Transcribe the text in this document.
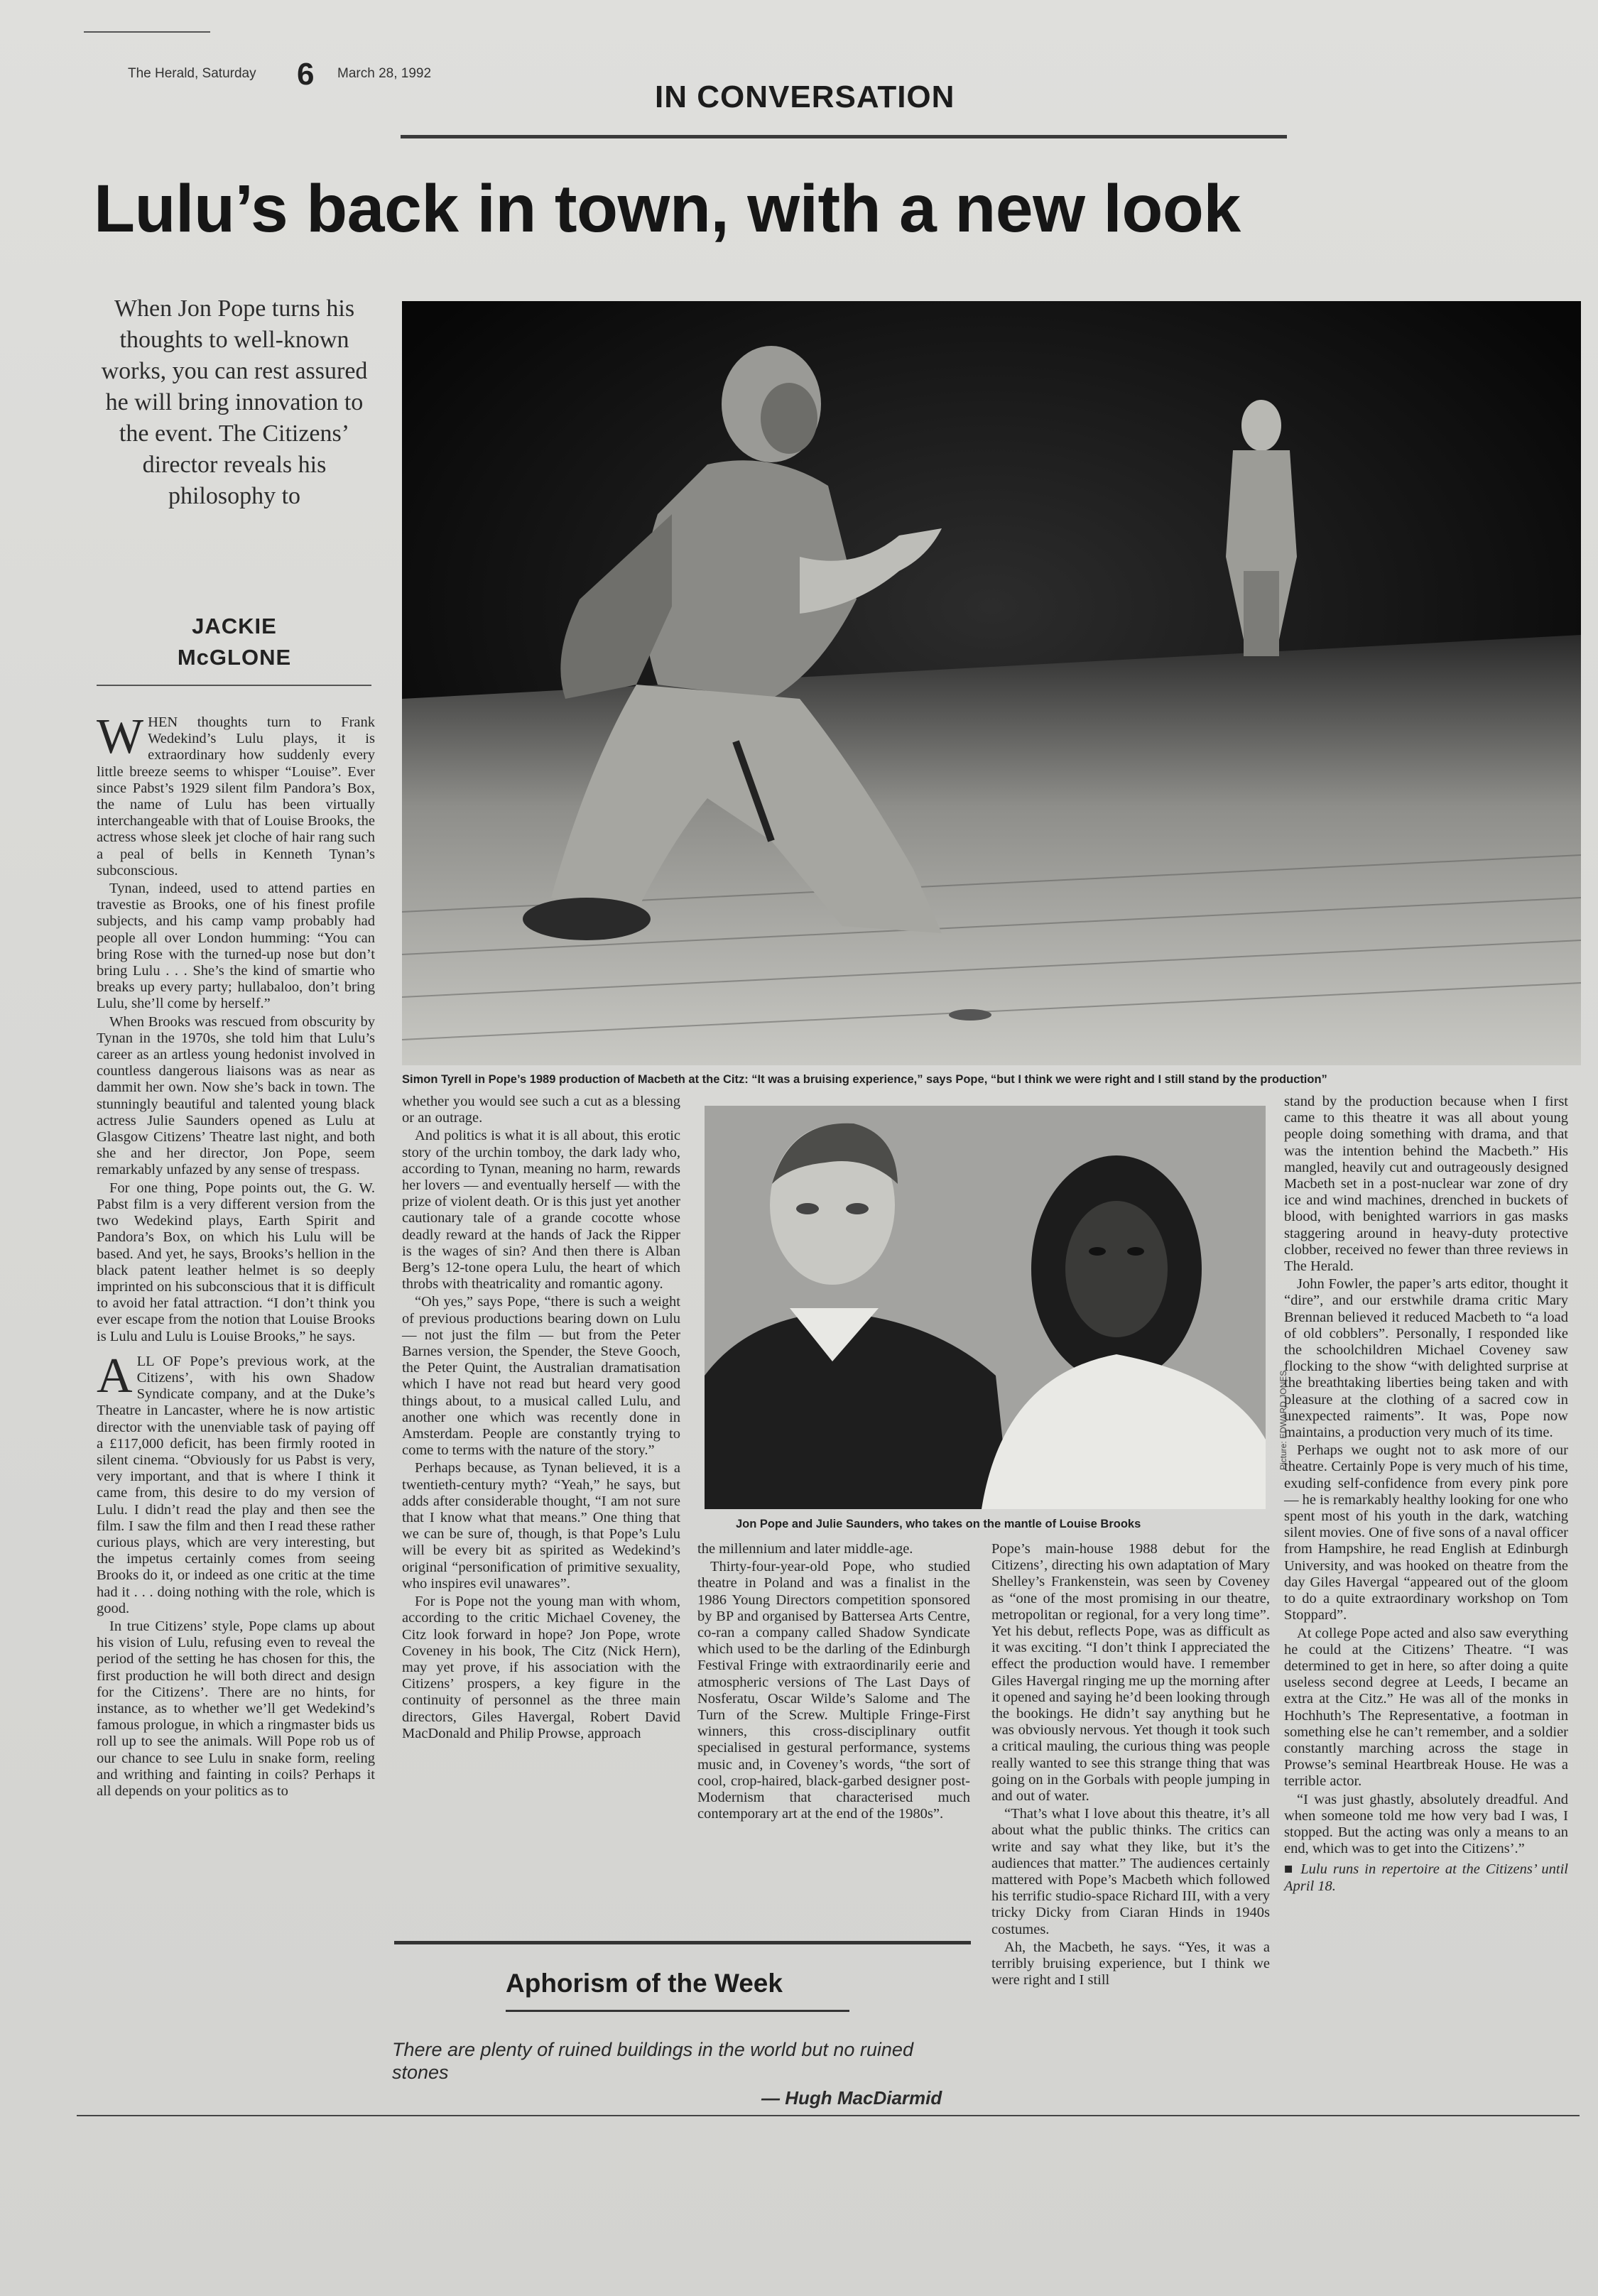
The Herald, Saturday 6 March 28, 1992
IN CONVERSATION
Lulu’s back in town, with a new look
When Jon Pope turns his thoughts to well-known works, you can rest assured he will bring innovation to the event. The Citizens’ director reveals his philosophy to
JACKIE
McGLONE
Simon Tyrell in Pope’s 1989 production of Macbeth at the Citz: “It was a bruising experience,” says Pope, “but I think we were right and I still stand by the production”
Jon Pope and Julie Saunders, who takes on the mantle of Louise Brooks
Picture: EDWARD JONES

WHEN thoughts turn to Frank Wedekind’s Lulu plays, it is extraordinary how suddenly every little breeze seems to whisper “Louise”. Ever since Pabst’s 1929 silent film Pandora’s Box, the name of Lulu has been virtually interchangeable with that of Louise Brooks, the actress whose sleek jet cloche of hair rang such a peal of bells in Kenneth Tynan’s subconscious.

Tynan, indeed, used to attend parties en travestie as Brooks, one of his finest profile subjects, and his camp vamp probably had people all over London humming: “You can bring Rose with the turned-up nose but don’t bring Lulu . . . She’s the kind of smartie who breaks up every party; hullabaloo, don’t bring Lulu, she’ll come by herself.”

When Brooks was rescued from obscurity by Tynan in the 1970s, she told him that Lulu’s career as an artless young hedonist involved in countless dangerous liaisons was as near as dammit her own. Now she’s back in town. The stunningly beautiful and talented young black actress Julie Saunders opened as Lulu at Glasgow Citizens’ Theatre last night, and both she and her director, Jon Pope, seem remarkably unfazed by any sense of trespass.

For one thing, Pope points out, the G. W. Pabst film is a very different version from the two Wedekind plays, Earth Spirit and Pandora’s Box, on which his Lulu will be based. And yet, he says, Brooks’s hellion in the black patent leather helmet is so deeply imprinted on his subconscious that it is difficult to avoid her fatal attraction. “I don’t think you ever escape from the notion that Louise Brooks is Lulu and Lulu is Louise Brooks,” he says.

ALL OF Pope’s previous work, at the Citizens’, with his own Shadow Syndicate company, and at the Duke’s Theatre in Lancaster, where he is now artistic director with the unenviable task of paying off a £117,000 deficit, has been firmly rooted in silent cinema. “Obviously for us Pabst is very, very important, and that is where I think it came from, this desire to do my version of Lulu. I didn’t read the play and then see the film. I saw the film and then I read these rather curious plays, which are very interesting, but the impetus certainly comes from seeing Brooks do it, or indeed as one critic at the time had it . . . doing nothing with the role, which is good.

In true Citizens’ style, Pope clams up about his vision of Lulu, refusing even to reveal the period of the setting he has chosen for this, the first production he will both direct and design for the Citizens’. There are no hints, for instance, as to whether we’ll get Wedekind’s famous prologue, in which a ringmaster bids us roll up to see the animals. Will Pope rob us of our chance to see Lulu in snake form, reeling and writhing and fainting in coils? Perhaps it all depends on your politics as to

whether you would see such a cut as a blessing or an outrage.

And politics is what it is all about, this erotic story of the urchin tomboy, the dark lady who, according to Tynan, meaning no harm, rewards her lovers — and eventually herself — with the prize of violent death. Or is this just yet another cautionary tale of a grande cocotte whose deadly reward at the hands of Jack the Ripper is the wages of sin? And then there is Alban Berg’s 12-tone opera Lulu, the heart of which throbs with theatricality and romantic agony.

“Oh yes,” says Pope, “there is such a weight of previous productions bearing down on Lulu — not just the film — but from the Peter Barnes version, the Spender, the Steve Gooch, the Peter Quint, the Australian dramatisation which I have not read but heard very good things about, to a musical called Lulu, and another one which was recently done in Amsterdam. People are constantly trying to come to terms with the nature of the story.”

Perhaps because, as Tynan believed, it is a twentieth-century myth? “Yeah,” he says, but adds after considerable thought, “I am not sure that I know what that means.” One thing that we can be sure of, though, is that Pope’s Lulu will be every bit as spirited as Wedekind’s original “personification of primitive sexuality, who inspires evil unawares”.

For is Pope not the young man with whom, according to the critic Michael Coveney, the Citz look forward in hope? Jon Pope, wrote Coveney in his book, The Citz (Nick Hern), may yet prove, if his association with the Citizens’ prospers, a key figure in the continuity of personnel as the three main directors, Giles Havergal, Robert David MacDonald and Philip Prowse, approach

the millennium and later middle-age.

Thirty-four-year-old Pope, who studied theatre in Poland and was a finalist in the 1986 Young Directors competition sponsored by BP and organised by Battersea Arts Centre, co-ran a company called Shadow Syndicate which used to be the darling of the Edinburgh Festival Fringe with extraordinarily eerie and atmospheric versions of The Last Days of Nosferatu, Oscar Wilde’s Salome and The Turn of the Screw. Multiple Fringe-First winners, this cross-disciplinary outfit specialised in gestural performance, systems music and, in Coveney’s words, “the sort of cool, crop-haired, black-garbed designer post-Modernism that characterised much contemporary art at the end of the 1980s”.

Pope’s main-house 1988 debut for the Citizens’, directing his own adaptation of Mary Shelley’s Frankenstein, was seen by Coveney as “one of the most promising in our theatre, metropolitan or regional, for a very long time”. Yet his debut, reflects Pope, was as difficult as it was exciting. “I don’t think I appreciated the effect the production would have. I remember Giles Havergal ringing me up the morning after it opened and saying he’d been looking through the bookings. He didn’t say anything but he was obviously nervous. Yet though it took such a critical mauling, the curious thing was people really wanted to see this strange thing that was going on in the Gorbals with people jumping in and out of water.

“That’s what I love about this theatre, it’s all about what the public thinks. The critics can write and say what they like, but it’s the audiences that matter.” The audiences certainly mattered with Pope’s Macbeth which followed his terrific studio-space Richard III, with a very tricky Dicky from Ciaran Hinds in 1940s costumes.

Ah, the Macbeth, he says. “Yes, it was a terribly bruising experience, but I think we were right and I still

stand by the production because when I first came to this theatre it was all about young people doing something with drama, and that was the intention behind the Macbeth.” His mangled, heavily cut and outrageously designed Macbeth set in a post-nuclear war zone of dry ice and wind machines, drenched in buckets of blood, with benighted warriors in gas masks staggering around in heavy-duty protective clobber, received no fewer than three reviews in The Herald.

John Fowler, the paper’s arts editor, thought it “dire”, and our erstwhile drama critic Mary Brennan believed it reduced Macbeth to “a load of old cobblers”. Personally, I responded like the schoolchildren Michael Coveney saw flocking to the show “with delighted surprise at the breathtaking liberties being taken and with pleasure at the clothing of a sacred cow in unexpected raiments”. It was, Pope now maintains, a production very much of its time.

Perhaps we ought not to ask more of our theatre. Certainly Pope is very much of his time, exuding self-confidence from every pink pore — he is remarkably healthy looking for one who spent most of his youth in the dark, watching silent movies. One of five sons of a naval officer from Hampshire, he read English at Edinburgh University, and was hooked on theatre from the day Giles Havergal “appeared out of the gloom to do a quite extraordinary workshop on Tom Stoppard”.

At college Pope acted and also saw everything he could at the Citizens’ Theatre. “I was determined to get in here, so after doing a quite useless second degree at Leeds, I became an extra at the Citz.” He was all of the monks in Hochhuth’s The Representative, a footman in something else he can’t remember, and a soldier constantly marching across the stage in Prowse’s seminal Heartbreak House. He was a terrible actor.

“I was just ghastly, absolutely dreadful. And when someone told me how very bad I was, I stopped. But the acting was only a means to an end, which was to get into the Citizens’.”

■ Lulu runs in repertoire at the Citizens’ until April 18.

Aphorism of the Week
There are plenty of ruined buildings in the world but no ruined stones
— Hugh MacDiarmid
